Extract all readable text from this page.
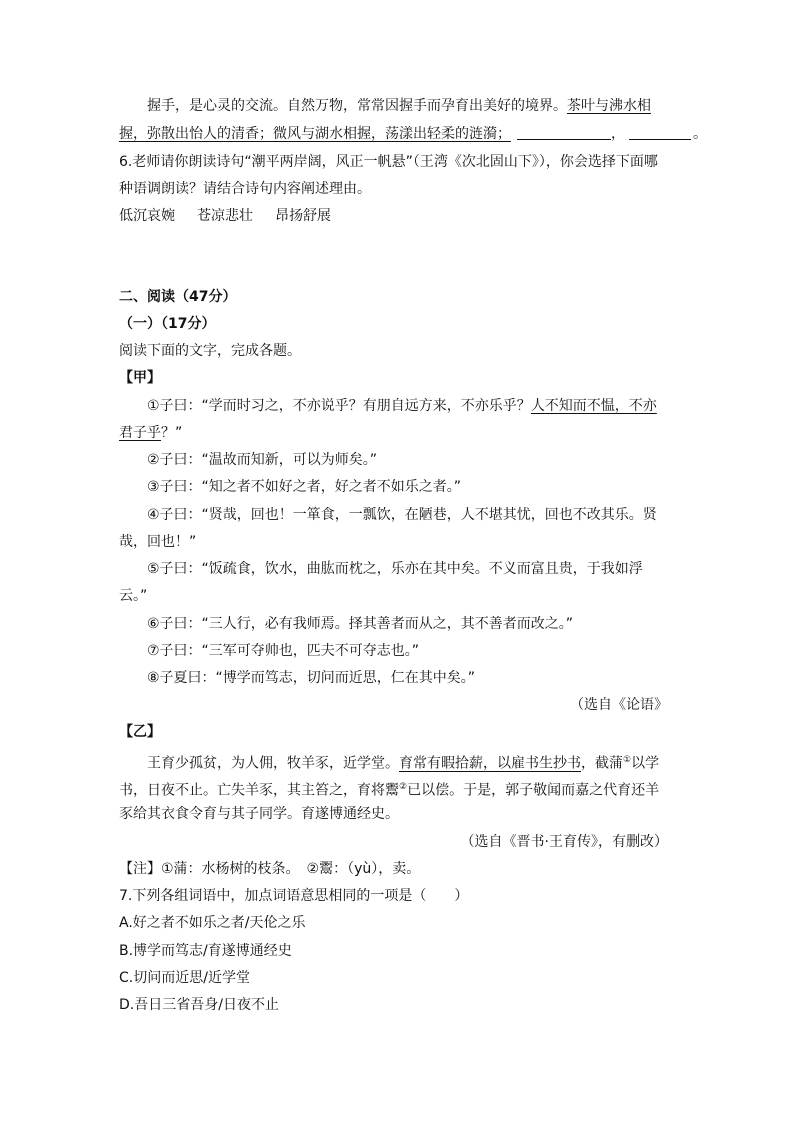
握手，是心灵的交流。自然万物，常常因握手而孕育出美好的境界。茶叶与沸水相
握，弥散出怡人的清香；微风与湖水相握，荡漾出轻柔的涟漪；	，	。
6.老师请你朗读诗句“潮平两岸阔，风正一帆悬”（王湾《次北固山下》），你会选择下面哪
种语调朗读？请结合诗句内容阐述理由。
低沉哀婉 苍凉悲壮 昂扬舒展
二、阅读（47分）
（一）（17分）
阅读下面的文字，完成各题。
【甲】
①子曰：“学而时习之，不亦说乎？有朋自远方来，不亦乐乎？人不知而不愠，不亦
君子乎？”
②子曰：“温故而知新，可以为师矣。”
③子曰：“知之者不如好之者，好之者不如乐之者。”
④子曰：“贤哉，回也！一箪食，一瓢饮，在陋巷，人不堪其忧，回也不改其乐。贤
哉，回也！”
⑤子曰：“饭疏食，饮水，曲肱而枕之，乐亦在其中矣。不义而富且贵，于我如浮
云。”
⑥子曰：“三人行，必有我师焉。择其善者而从之，其不善者而改之。”
⑦子曰：“三军可夺帅也，匹夫不可夺志也。”
⑧子夏曰：“博学而笃志，切问而近思，仁在其中矣。”
（选自《论语》
【乙】
王育少孤贫，为人佣，牧羊豕，近学堂。育常有暇拾薪，以雇书生抄书，截蒲①以学
书，日夜不止。亡失羊豕，其主笞之，育将鬻②已以偿。于是，郭子敬闻而嘉之代育还羊
豕给其衣食令育与其子同学。育遂博通经史。
（选自《晋书·王育传》，有删改）
【注】①蒲：水杨树的枝条。　②鬻：（yù），卖。
7.下列各组词语中，加点词语意思相同的一项是（　　）
A.好之者不如乐之者/天伦之乐
B.博学而笃志/育遂博通经史
C.切问而近思/近学堂
D.吾日三省吾身/日夜不止
